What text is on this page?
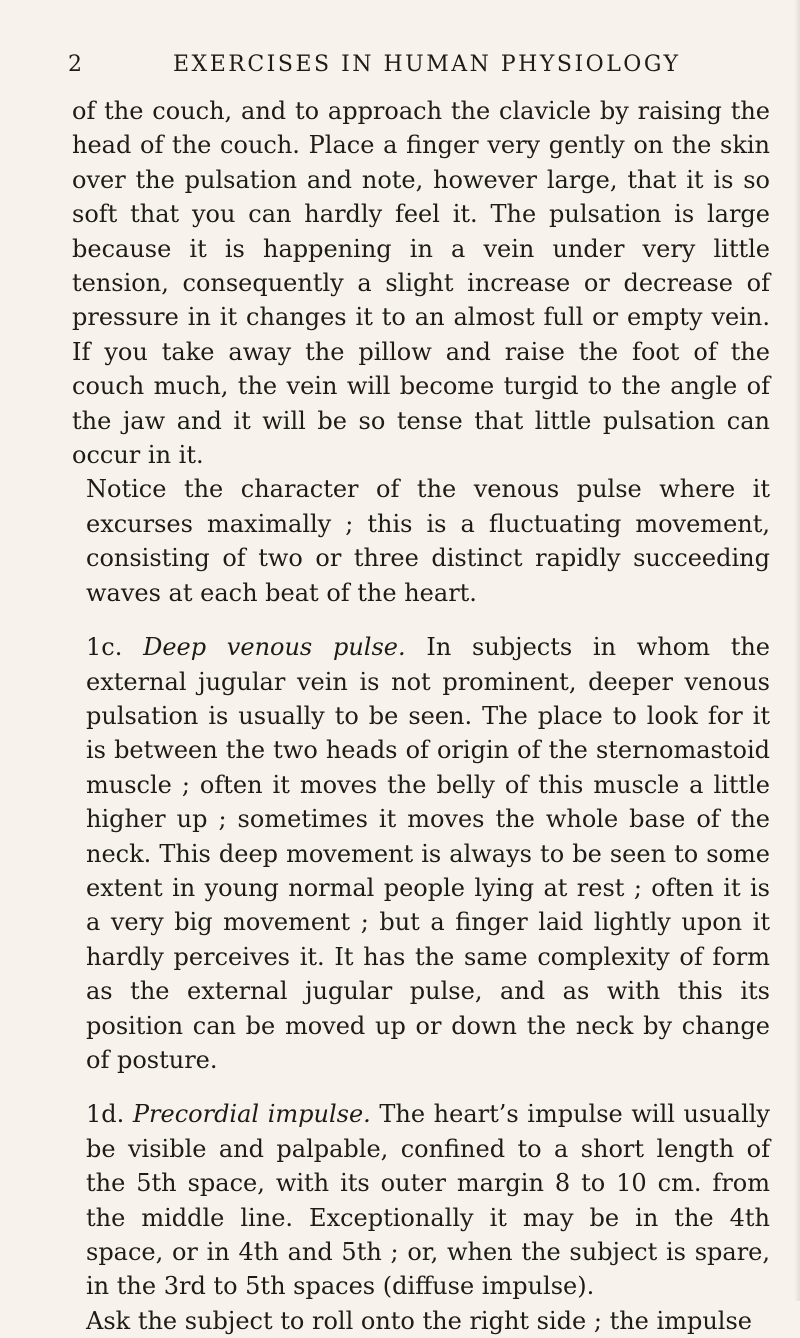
2	EXERCISES IN HUMAN PHYSIOLOGY

of the couch, and to approach the clavicle by raising the head of the couch. Place a finger very gently on the skin over the pulsation and note, however large, that it is so soft that you can hardly feel it. The pulsation is large because it is happening in a vein under very little tension, consequently a slight increase or decrease of pressure in it changes it to an almost full or empty vein. If you take away the pillow and raise the foot of the couch much, the vein will become turgid to the angle of the jaw and it will be so tense that little pulsation can occur in it.

Notice the character of the venous pulse where it excurses maximally ; this is a fluctuating movement, consisting of two or three distinct rapidly succeeding waves at each beat of the heart.

1c. Deep venous pulse. In subjects in whom the external jugular vein is not prominent, deeper venous pulsation is usually to be seen. The place to look for it is between the two heads of origin of the sternomastoid muscle ; often it moves the belly of this muscle a little higher up ; sometimes it moves the whole base of the neck. This deep movement is always to be seen to some extent in young normal people lying at rest ; often it is a very big movement ; but a finger laid lightly upon it hardly perceives it. It has the same complexity of form as the external jugular pulse, and as with this its position can be moved up or down the neck by change of posture.

1d. Precordial impulse. The heart’s impulse will usually be visible and palpable, confined to a short length of the 5th space, with its outer margin 8 to 10 cm. from the middle line. Exceptionally it may be in the 4th space, or in 4th and 5th ; or, when the subject is spare, in the 3rd to 5th spaces (diffuse impulse).

Ask the subject to roll onto the right side ; the impulse
